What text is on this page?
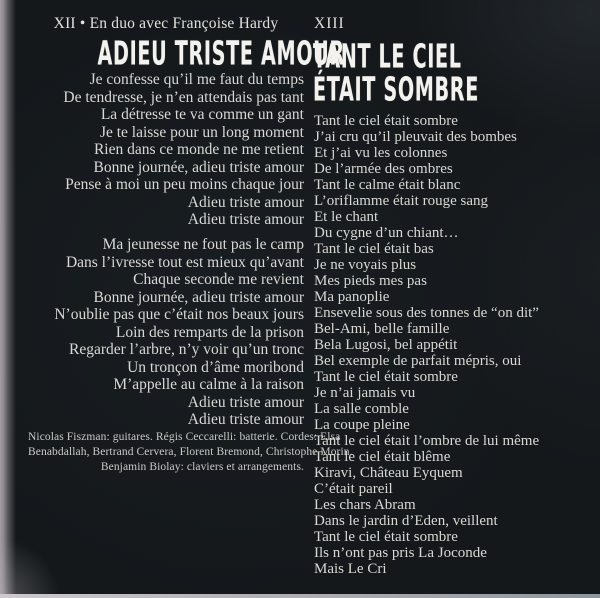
XII • En duo avec Françoise Hardy
ADIEU TRISTE AMOUR
Je confesse qu’il me faut du temps
De tendresse, je n’en attendais pas tant
La détresse te va comme un gant
Je te laisse pour un long moment
Rien dans ce monde ne me retient
Bonne journée, adieu triste amour
Pense à moi un peu moins chaque jour
Adieu triste amour
Adieu triste amour
Ma jeunesse ne fout pas le camp
Dans l’ivresse tout est mieux qu’avant
Chaque seconde me revient
Bonne journée, adieu triste amour
N’oublie pas que c’était nos beaux jours
Loin des remparts de la prison
Regarder l’arbre, n’y voir qu’un tronc
Un tronçon d’âme moribond
M’appelle au calme à la raison
Adieu triste amour
Adieu triste amour
Nicolas Fiszman: guitares. Régis Ceccarelli: batterie. Cordes: Elsa
Benabdallah, Bertrand Cervera, Florent Bremond, Christophe Morin.
Benjamin Biolay: claviers et arrangements.
XIII
TANT LE CIEL
ÉTAIT SOMBRE
Tant le ciel était sombre
J’ai cru qu’il pleuvait des bombes
Et j’ai vu les colonnes
De l’armée des ombres
Tant le calme était blanc
L’oriflamme était rouge sang
Et le chant
Du cygne d’un chiant…
Tant le ciel était bas
Je ne voyais plus
Mes pieds mes pas
Ma panoplie
Ensevelie sous des tonnes de “on dit”
Bel-Ami, belle famille
Bela Lugosi, bel appétit
Bel exemple de parfait mépris, oui
Tant le ciel était sombre
Je n’ai jamais vu
La salle comble
La coupe pleine
Tant le ciel était l’ombre de lui même
Tant le ciel était blême
Kiravi, Château Eyquem
C’était pareil
Les chars Abram
Dans le jardin d’Eden, veillent
Tant le ciel était sombre
Ils n’ont pas pris La Joconde
Mais Le Cri
